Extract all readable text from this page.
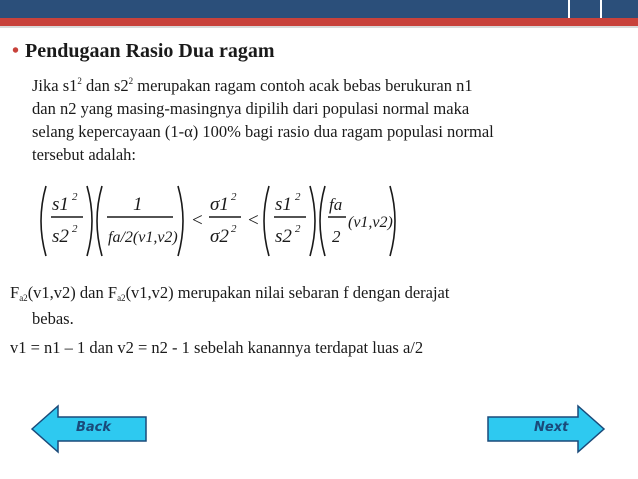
• Pendugaan Rasio Dua ragam
Jika $s1^2$ dan $s2^2$ merupakan ragam contoh acak bebas berukuran n1
dan n2 yang masing-masingnya dipilih dari populasi normal maka
selang kepercayaan (1-α) 100% bagi rasio dua ragam populasi normal
tersebut adalah:
s1 2
s2 2
1
fa/2(v1,v2)
<
σ1 2
σ2 2 <
s1 2
s2 2
fa
2
(v1,v2)
$F_{a2}(v1,v2)$ dan $F_{a2}(v1,v2)$ merupakan nilai sebaran f dengan derajat
bebas.
v1 = n1 – 1 dan v2 = n2 - 1 sebelah kanannya terdapat luas a/2
Back	Next
